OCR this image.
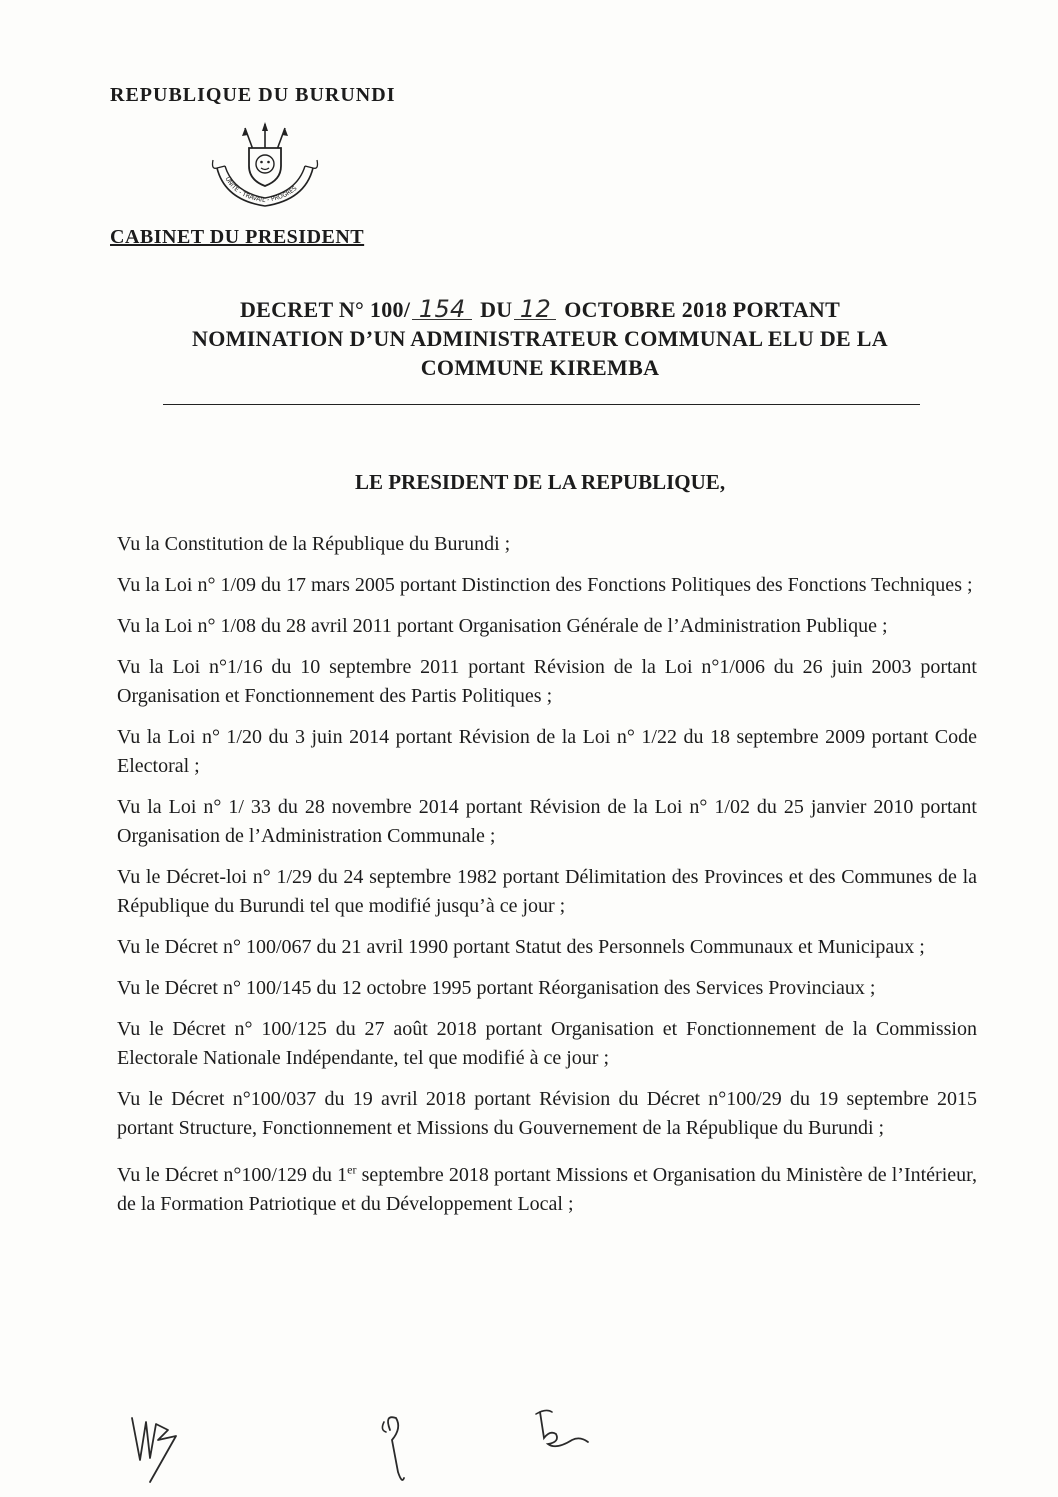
REPUBLIQUE DU BURUNDI
UNITE - TRAVAIL - PROGRES
CABINET DU PRESIDENT
DECRET N° 100/ 154 DU 12 OCTOBRE 2018 PORTANT
NOMINATION D’UN ADMINISTRATEUR COMMUNAL ELU DE LA
COMMUNE KIREMBA
LE PRESIDENT DE LA REPUBLIQUE,

Vu la Constitution de la République du Burundi ;

Vu la Loi n° 1/09 du 17 mars 2005 portant Distinction des Fonctions Politiques des Fonctions Techniques ;

Vu la Loi n° 1/08 du 28 avril 2011 portant Organisation Générale de l’Administration Publique ;

Vu la Loi n°1/16 du 10 septembre 2011 portant Révision de la Loi n°1/006 du 26 juin 2003 portant Organisation et Fonctionnement des Partis Politiques ;

Vu la Loi n° 1/20 du 3 juin 2014 portant Révision de la Loi n° 1/22 du 18 septembre 2009 portant Code Electoral ;

Vu la Loi n° 1/ 33 du 28 novembre 2014 portant Révision de la Loi n° 1/02 du 25 janvier 2010 portant Organisation de l’Administration Communale ;

Vu le Décret-loi n° 1/29 du 24 septembre 1982 portant Délimitation des Provinces et des Communes de la République du Burundi tel que modifié jusqu’à ce jour ;

Vu le Décret n° 100/067 du 21 avril 1990 portant Statut des Personnels Communaux et Municipaux ;

Vu le Décret n° 100/145 du 12 octobre 1995 portant Réorganisation des Services Provinciaux ;

Vu le Décret n° 100/125 du 27 août 2018 portant Organisation et Fonctionnement de la Commission Electorale Nationale Indépendante, tel que modifié à ce jour ;

Vu le Décret n°100/037 du 19 avril 2018 portant Révision du Décret n°100/29 du 19 septembre 2015 portant Structure, Fonctionnement et Missions du Gouvernement de la République du Burundi ;

Vu le Décret n°100/129 du 1er septembre 2018 portant Missions et Organisation du Ministère de l’Intérieur, de la Formation Patriotique et du Développement Local ;
